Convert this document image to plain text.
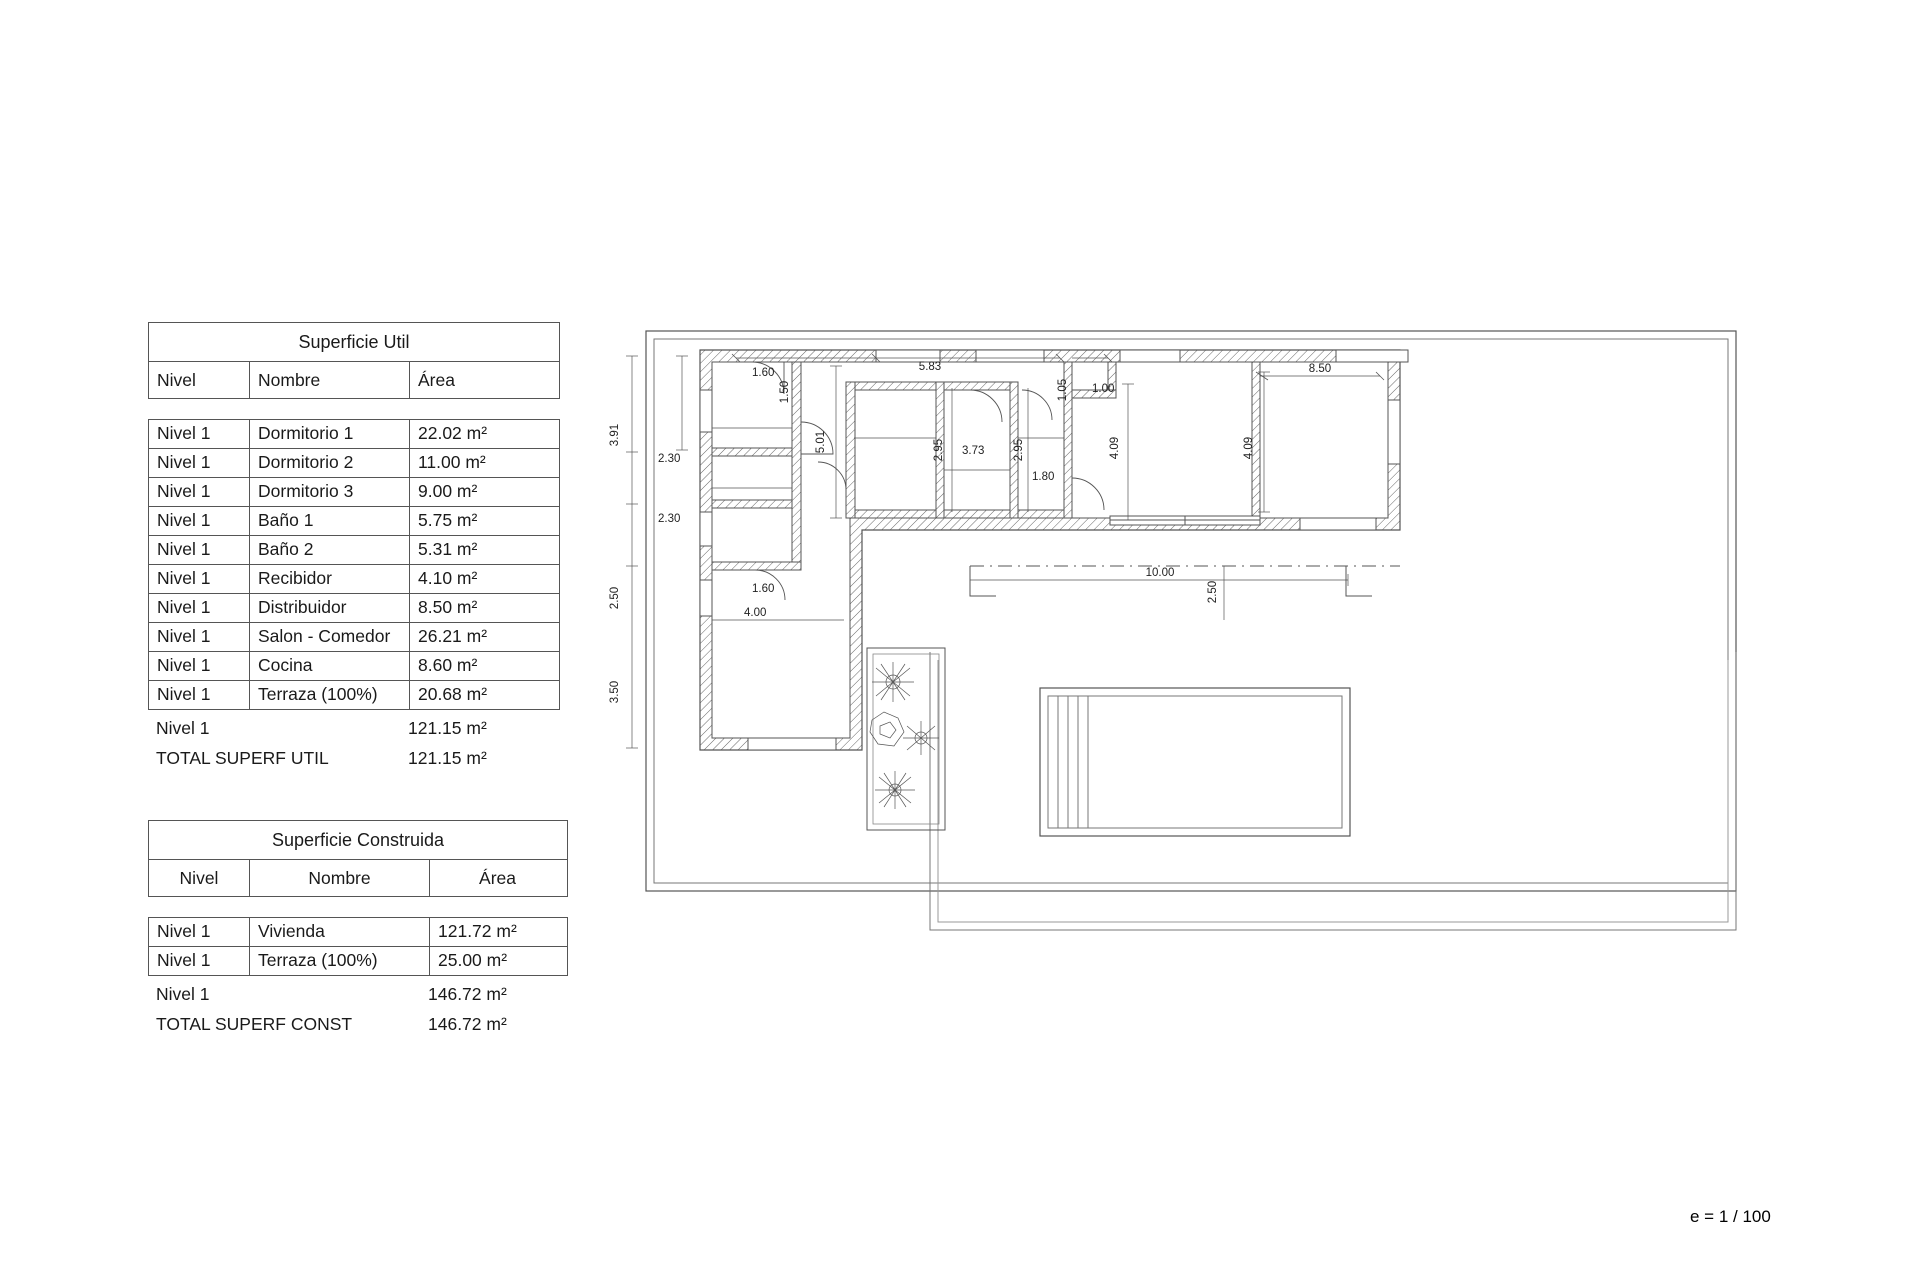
Superficie Util
Nivel	Nombre	Área
Nivel 1	Dormitorio 1	22.02 m²
Nivel 1	Dormitorio 2	11.00 m²
Nivel 1	Dormitorio 3	9.00 m²
Nivel 1	Baño 1	5.75 m²
Nivel 1	Baño 2	5.31 m²
Nivel 1	Recibidor	4.10 m²
Nivel 1	Distribuidor	8.50 m²
Nivel 1	Salon - Comedor	26.21 m²
Nivel 1	Cocina	8.60 m²
Nivel 1	Terraza (100%)	20.68 m²
Nivel 1	121.15 m²
TOTAL SUPERF UTIL	121.15 m²
Superficie Construida
Nivel	Nombre	Área
Nivel 1	Vivienda	121.72 m²
Nivel 1	Terraza (100%)	25.00 m²
Nivel 1	146.72 m²
TOTAL SUPERF CONST	146.72 m²
e = 1 / 100
3.91
2.30
2.30
2.50
3.50
4.00
1.60
5.01
1.60
1.50
5.83
1.05 1.00
4.09	4.09
8.50
2.95	2.95
3.73
1.80
10.00
2.50
